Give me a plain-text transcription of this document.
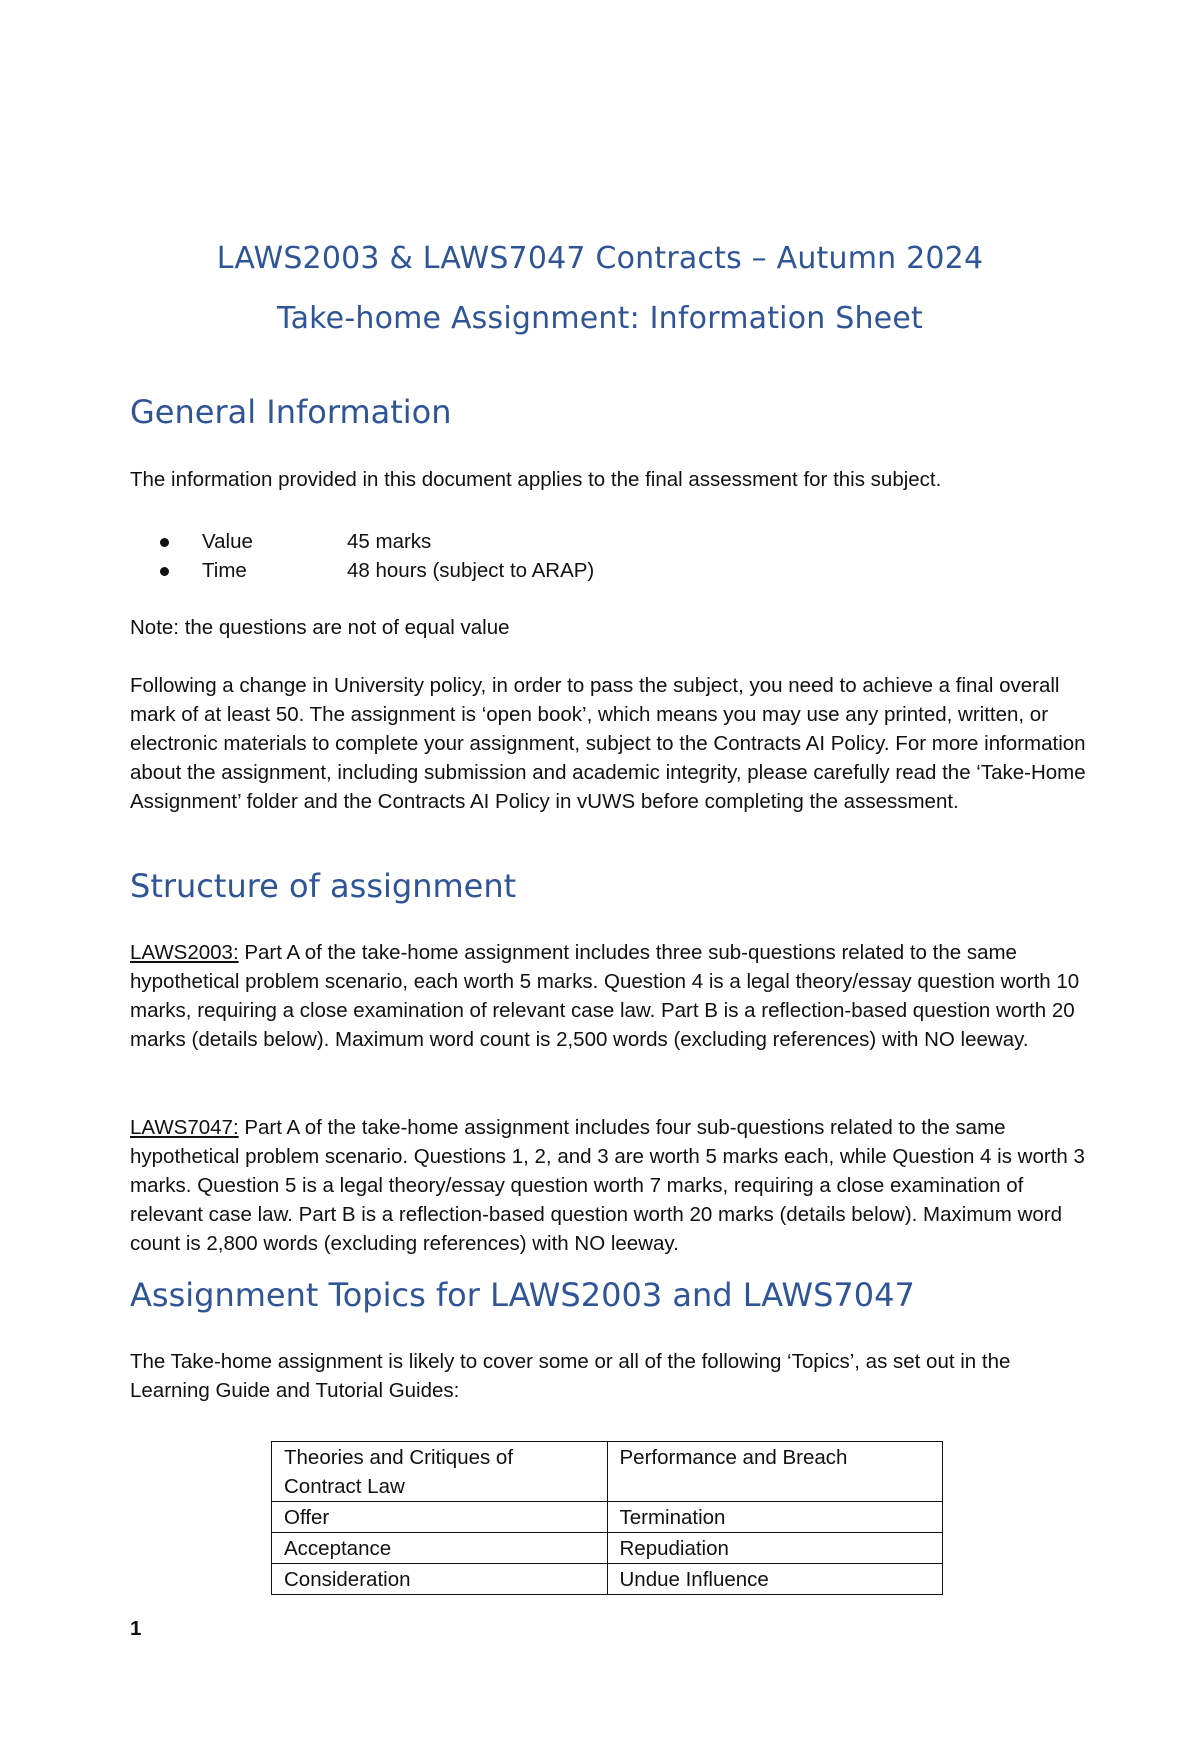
LAWS2003 & LAWS7047 Contracts – Autumn 2024
Take-home Assignment: Information Sheet
General Information
The information provided in this document applies to the final assessment for this subject.
Value	45 marks
Time	48 hours (subject to ARAP)
Note: the questions are not of equal value
Following a change in University policy, in order to pass the subject, you need to achieve a final overall mark of at least 50. The assignment is ‘open book’, which means you may use any printed, written, or electronic materials to complete your assignment, subject to the Contracts AI Policy. For more information about the assignment, including submission and academic integrity, please carefully read the ‘Take-Home Assignment’ folder and the Contracts AI Policy in vUWS before completing the assessment.
Structure of assignment
LAWS2003: Part A of the take-home assignment includes three sub-questions related to the same hypothetical problem scenario, each worth 5 marks. Question 4 is a legal theory/essay question worth 10 marks, requiring a close examination of relevant case law. Part B is a reflection-based question worth 20 marks (details below). Maximum word count is 2,500 words (excluding references) with NO leeway.
LAWS7047: Part A of the take-home assignment includes four sub-questions related to the same hypothetical problem scenario. Questions 1, 2, and 3 are worth 5 marks each, while Question 4 is worth 3 marks. Question 5 is a legal theory/essay question worth 7 marks, requiring a close examination of relevant case law. Part B is a reflection-based question worth 20 marks (details below). Maximum word count is 2,800 words (excluding references) with NO leeway.
Assignment Topics for LAWS2003 and LAWS7047
The Take-home assignment is likely to cover some or all of the following ‘Topics’, as set out in the Learning Guide and Tutorial Guides:
Theories and Critiques of Contract Law	Performance and Breach
Offer	Termination
Acceptance	Repudiation
Consideration	Undue Influence
1
